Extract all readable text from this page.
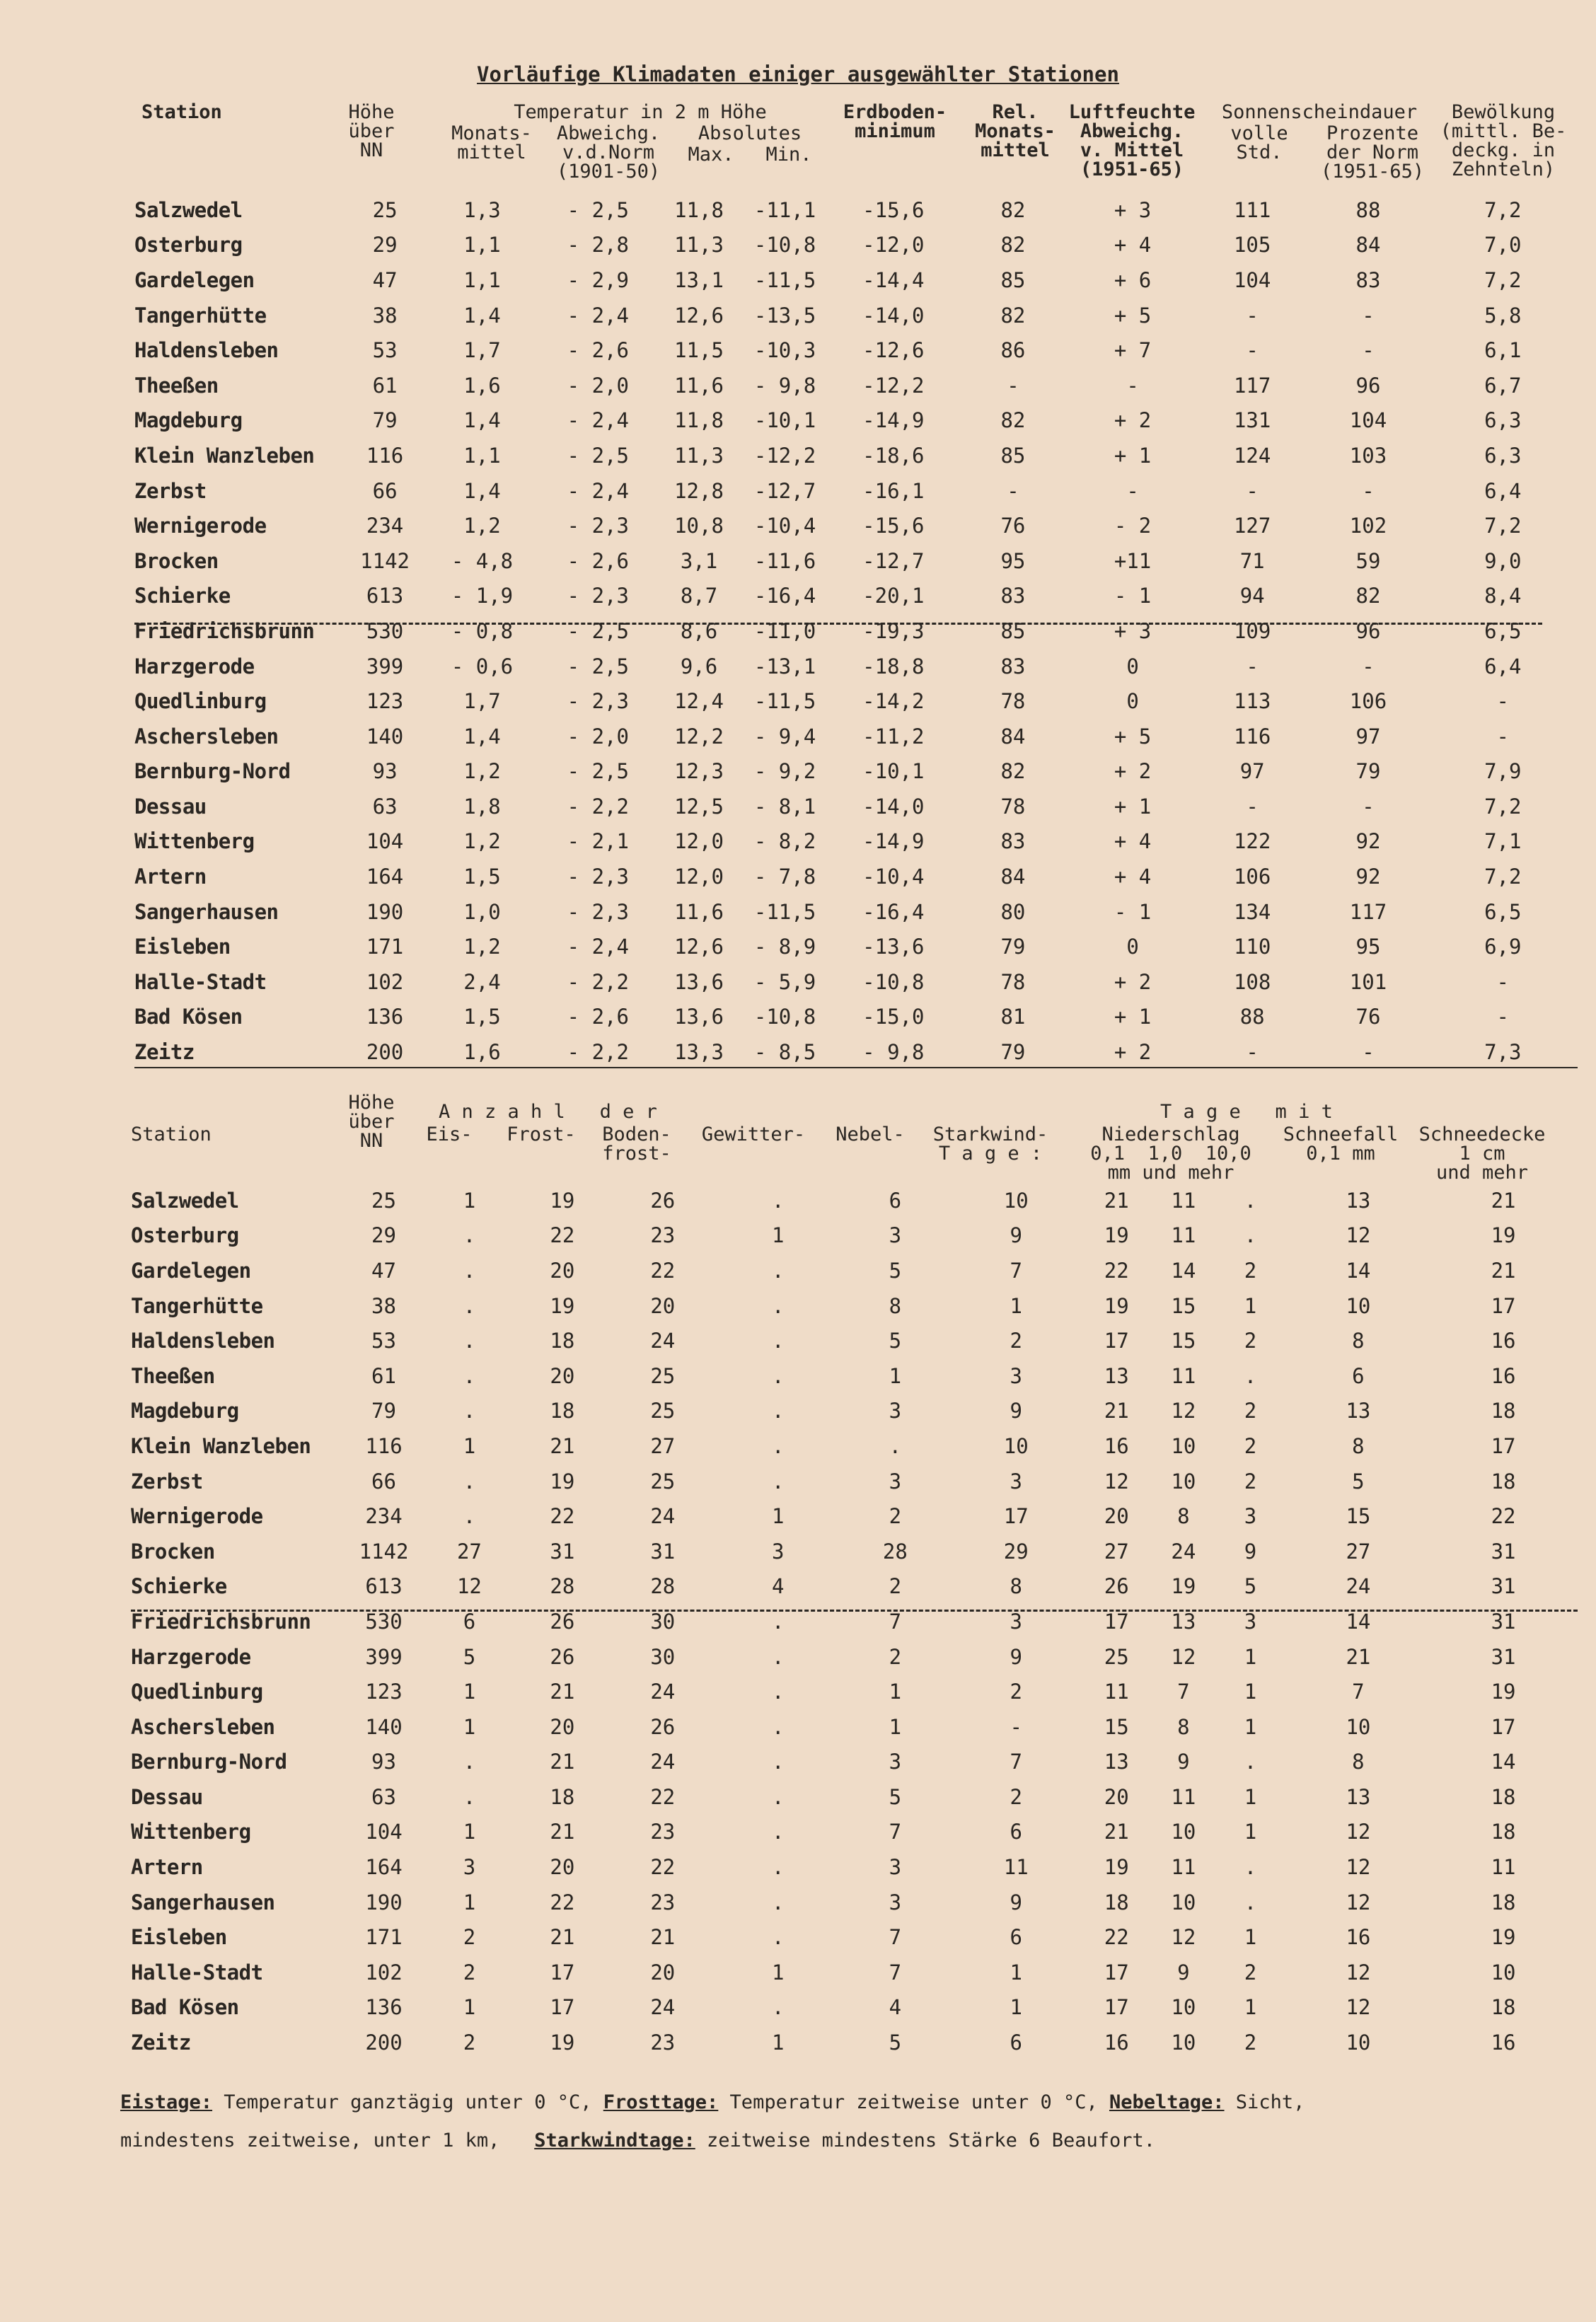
Vorläufige Klimadaten einiger ausgewählter Stationen
Station	Höhe
über
NN
Temperatur in 2 m Höhe
Monats-
mittel
Abweichg.
v.d.Norm
(1901-50)
Absolutes
Max.	Min.
Erdboden-
minimum
Rel.
Monats-
mittel
Luftfeuchte
Abweichg.
v. Mittel
(1951-65)
Sonnenscheindauer
volle
Std.
Prozente
der Norm
(1951-65)
Bewölkung
(mittl. Be-
deckg. in
Zehnteln)
Salzwedel	25	1,3	- 2,5	11,8	-11,1	-15,6	82	+ 3	111	88	7,2
Osterburg	29	1,1	- 2,8	11,3	-10,8	-12,0	82	+ 4	105	84	7,0
Gardelegen	47	1,1	- 2,9	13,1	-11,5	-14,4	85	+ 6	104	83	7,2
Tangerhütte	38	1,4	- 2,4	12,6	-13,5	-14,0	82	+ 5	-	-	5,8
Haldensleben	53	1,7	- 2,6	11,5	-10,3	-12,6	86	+ 7	-	-	6,1
Theeßen	61	1,6	- 2,0	11,6	- 9,8	-12,2	-	-	117	96	6,7
Magdeburg	79	1,4	- 2,4	11,8	-10,1	-14,9	82	+ 2	131	104	6,3
Klein Wanzleben	116	1,1	- 2,5	11,3	-12,2	-18,6	85	+ 1	124	103	6,3
Zerbst	66	1,4	- 2,4	12,8	-12,7	-16,1	-	-	-	-	6,4
Wernigerode	234	1,2	- 2,3	10,8	-10,4	-15,6	76	- 2	127	102	7,2
Brocken	1142	- 4,8	- 2,6	3,1	-11,6	-12,7	95	+11	71	59	9,0
Schierke	613	- 1,9	- 2,3	8,7	-16,4	-20,1	83	- 1	94	82	8,4
Friedrichsbrunn	530	- 0,8	- 2,5	8,6	-11,0	-19,3	85	+ 3	109	96	6,5
Harzgerode	399	- 0,6	- 2,5	9,6	-13,1	-18,8	83	0	-	-	6,4
Quedlinburg	123	1,7	- 2,3	12,4	-11,5	-14,2	78	0	113	106	-
Aschersleben	140	1,4	- 2,0	12,2	- 9,4	-11,2	84	+ 5	116	97	-
Bernburg-Nord	93	1,2	- 2,5	12,3	- 9,2	-10,1	82	+ 2	97	79	7,9
Dessau	63	1,8	- 2,2	12,5	- 8,1	-14,0	78	+ 1	-	-	7,2
Wittenberg	104	1,2	- 2,1	12,0	- 8,2	-14,9	83	+ 4	122	92	7,1
Artern	164	1,5	- 2,3	12,0	- 7,8	-10,4	84	+ 4	106	92	7,2
Sangerhausen	190	1,0	- 2,3	11,6	-11,5	-16,4	80	- 1	134	117	6,5
Eisleben	171	1,2	- 2,4	12,6	- 8,9	-13,6	79	0	110	95	6,9
Halle-Stadt	102	2,4	- 2,2	13,6	- 5,9	-10,8	78	+ 2	108	101	-
Bad Kösen	136	1,5	- 2,6	13,6	-10,8	-15,0	81	+ 1	88	76	-
Zeitz	200	1,6	- 2,2	13,3	- 8,5	- 9,8	79	+ 2	-	-	7,3
Höhe
über
NN
Station
A n z a h l   d e r
Eis-	Frost-	Boden-
frost-
Gewitter-	Nebel-	Starkwind-
T a g e :
T a g e   m i t
Niederschlag
0,1  1,0  10,0
mm und mehr
Schneefall
0,1 mm
Schneedecke
1 cm
und mehr
Salzwedel	25	1	19	26	.	6	10	21	11	.	13	21
Osterburg	29	.	22	23	1	3	9	19	11	.	12	19
Gardelegen	47	.	20	22	.	5	7	22	14	2	14	21
Tangerhütte	38	.	19	20	.	8	1	19	15	1	10	17
Haldensleben	53	.	18	24	.	5	2	17	15	2	8	16
Theeßen	61	.	20	25	.	1	3	13	11	.	6	16
Magdeburg	79	.	18	25	.	3	9	21	12	2	13	18
Klein Wanzleben	116	1	21	27	.	.	10	16	10	2	8	17
Zerbst	66	.	19	25	.	3	3	12	10	2	5	18
Wernigerode	234	.	22	24	1	2	17	20	8	3	15	22
Brocken	1142	27	31	31	3	28	29	27	24	9	27	31
Schierke	613	12	28	28	4	2	8	26	19	5	24	31
Friedrichsbrunn	530	6	26	30	.	7	3	17	13	3	14	31
Harzgerode	399	5	26	30	.	2	9	25	12	1	21	31
Quedlinburg	123	1	21	24	.	1	2	11	7	1	7	19
Aschersleben	140	1	20	26	.	1	-	15	8	1	10	17
Bernburg-Nord	93	.	21	24	.	3	7	13	9	.	8	14
Dessau	63	.	18	22	.	5	2	20	11	1	13	18
Wittenberg	104	1	21	23	.	7	6	21	10	1	12	18
Artern	164	3	20	22	.	3	11	19	11	.	12	11
Sangerhausen	190	1	22	23	.	3	9	18	10	.	12	18
Eisleben	171	2	21	21	.	7	6	22	12	1	16	19
Halle-Stadt	102	2	17	20	1	7	1	17	9	2	12	10
Bad Kösen	136	1	17	24	.	4	1	17	10	1	12	18
Zeitz	200	2	19	23	1	5	6	16	10	2	10	16
Eistage: Temperatur ganztägig unter 0 °C, Frosttage: Temperatur zeitweise unter 0 °C, Nebeltage: Sicht,
mindestens zeitweise, unter 1 km,   Starkwindtage: zeitweise mindestens Stärke 6 Beaufort.
